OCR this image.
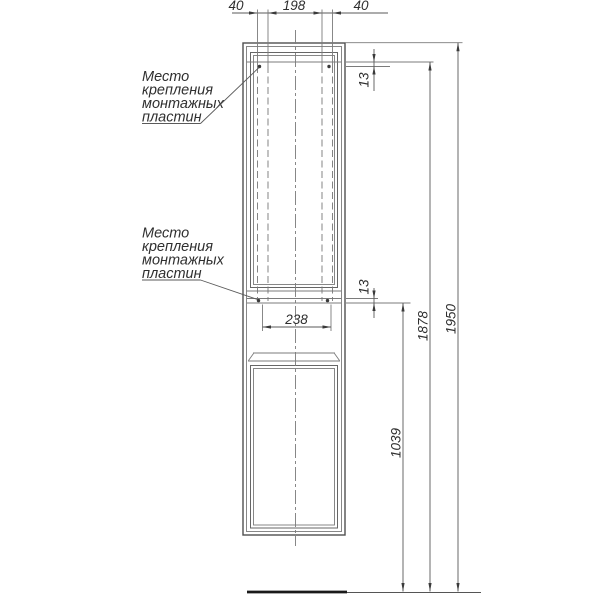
40	198	40
13
13
238
1039
1878 1950
Место
крепления
монтажных
пластин
Место
крепления
монтажных
пластин
